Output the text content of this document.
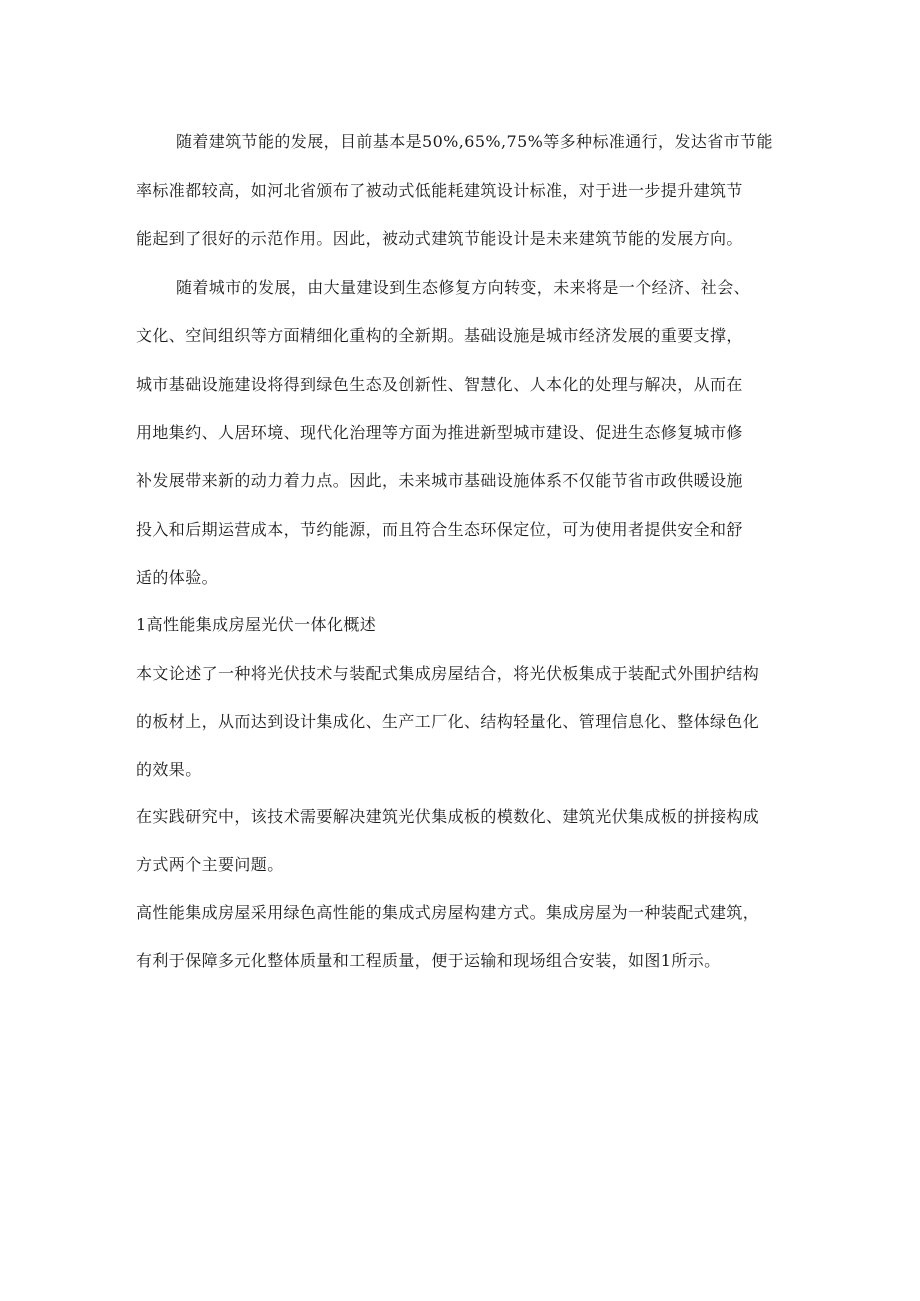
随着建筑节能的发展，目前基本是50%,65%,75%等多种标准通行，发达省市节能
率标准都较高，如河北省颁布了被动式低能耗建筑设计标准，对于进一步提升建筑节
能起到了很好的示范作用。因此，被动式建筑节能设计是未来建筑节能的发展方向。
随着城市的发展，由大量建设到生态修复方向转变，未来将是一个经济、社会、
文化、空间组织等方面精细化重构的全新期。基础设施是城市经济发展的重要支撑，
城市基础设施建设将得到绿色生态及创新性、智慧化、人本化的处理与解决，从而在
用地集约、人居环境、现代化治理等方面为推进新型城市建设、促进生态修复城市修
补发展带来新的动力着力点。因此，未来城市基础设施体系不仅能节省市政供暖设施
投入和后期运营成本，节约能源，而且符合生态环保定位，可为使用者提供安全和舒
适的体验。
1高性能集成房屋光伏一体化概述
本文论述了一种将光伏技术与装配式集成房屋结合，将光伏板集成于装配式外围护结构
的板材上，从而达到设计集成化、生产工厂化、结构轻量化、管理信息化、整体绿色化
的效果。
在实践研究中，该技术需要解决建筑光伏集成板的模数化、建筑光伏集成板的拼接构成
方式两个主要问题。
高性能集成房屋采用绿色高性能的集成式房屋构建方式。集成房屋为一种装配式建筑，
有利于保障多元化整体质量和工程质量，便于运输和现场组合安装，如图1所示。
